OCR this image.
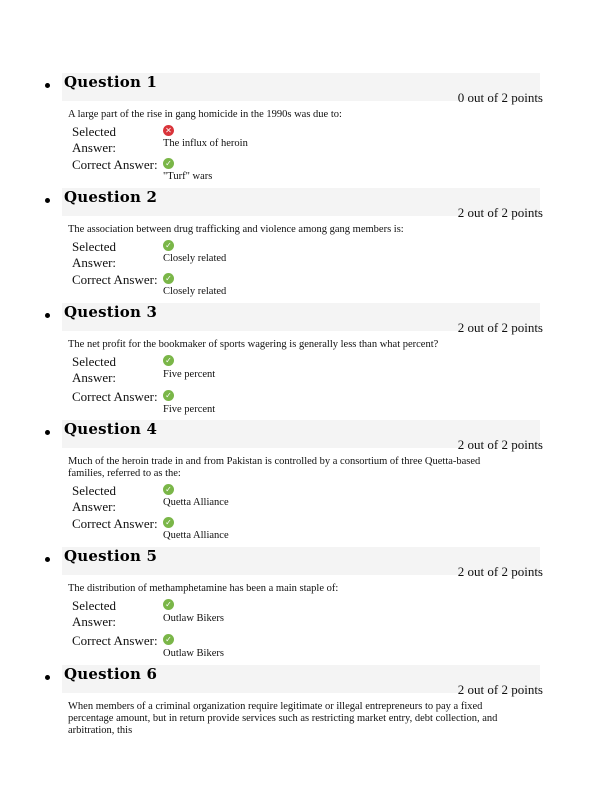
Question 1
0 out of 2 points
A large part of the rise in gang homicide in the 1990s was due to:
Selected Answer:
✕
The influx of heroin
Correct Answer: ✓
"Turf" wars
Question 2
2 out of 2 points
The association between drug trafficking and violence among gang members is:
Selected Answer:
✓
Closely related
Correct Answer: ✓
Closely related
Question 3
2 out of 2 points
The net profit for the bookmaker of sports wagering is generally less than what percent?
Selected Answer:
✓
Five percent
Correct Answer: ✓
Five percent
Question 4
2 out of 2 points
Much of the heroin trade in and from Pakistan is controlled by a consortium of three Quetta-based families, referred to as the:
Selected Answer:
✓
Quetta Alliance
Correct Answer: ✓
Quetta Alliance
Question 5
2 out of 2 points
The distribution of methamphetamine has been a main staple of:
Selected Answer:
✓
Outlaw Bikers
Correct Answer: ✓
Outlaw Bikers
Question 6
2 out of 2 points
When members of a criminal organization require legitimate or illegal entrepreneurs to pay a fixed percentage amount, but in return provide services such as restricting market entry, debt collection, and arbitration, this
